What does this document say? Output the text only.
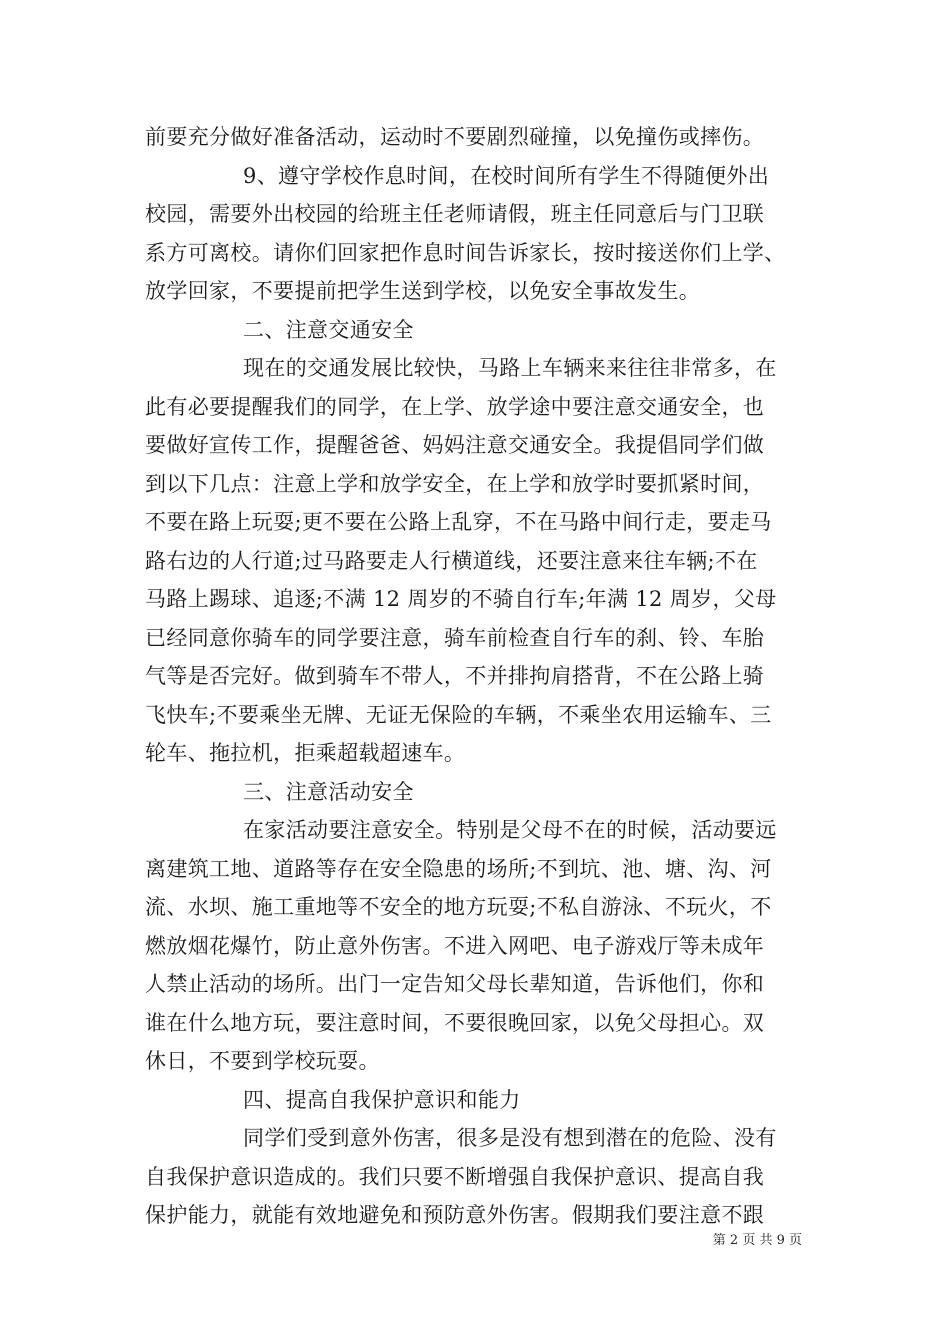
前要充分做好准备活动，运动时不要剧烈碰撞，以免撞伤或摔伤。
9、遵守学校作息时间，在校时间所有学生不得随便外出
校园，需要外出校园的给班主任老师请假，班主任同意后与门卫联
系方可离校。请你们回家把作息时间告诉家长，按时接送你们上学、
放学回家，不要提前把学生送到学校，以免安全事故发生。
二、注意交通安全
现在的交通发展比较快，马路上车辆来来往往非常多，在
此有必要提醒我们的同学，在上学、放学途中要注意交通安全，也
要做好宣传工作，提醒爸爸、妈妈注意交通安全。我提倡同学们做
到以下几点：注意上学和放学安全，在上学和放学时要抓紧时间，
不要在路上玩耍;更不要在公路上乱穿，不在马路中间行走，要走马
路右边的人行道;过马路要走人行横道线，还要注意来往车辆;不在
马路上踢球、追逐;不满 12 周岁的不骑自行车;年满 12 周岁，父母
已经同意你骑车的同学要注意，骑车前检查自行车的刹、铃、车胎
气等是否完好。做到骑车不带人，不并排拘肩搭背，不在公路上骑
飞快车;不要乘坐无牌、无证无保险的车辆，不乘坐农用运输车、三
轮车、拖拉机，拒乘超载超速车。
三、注意活动安全
在家活动要注意安全。特别是父母不在的时候，活动要远
离建筑工地、道路等存在安全隐患的场所;不到坑、池、塘、沟、河
流、水坝、施工重地等不安全的地方玩耍;不私自游泳、不玩火，不
燃放烟花爆竹，防止意外伤害。不进入网吧、电子游戏厅等未成年
人禁止活动的场所。出门一定告知父母长辈知道，告诉他们，你和
谁在什么地方玩，要注意时间，不要很晚回家，以免父母担心。双
休日，不要到学校玩耍。
四、提高自我保护意识和能力
同学们受到意外伤害，很多是没有想到潜在的危险、没有
自我保护意识造成的。我们只要不断增强自我保护意识、提高自我
保护能力，就能有效地避免和预防意外伤害。假期我们要注意不跟
第 2 页 共 9 页
